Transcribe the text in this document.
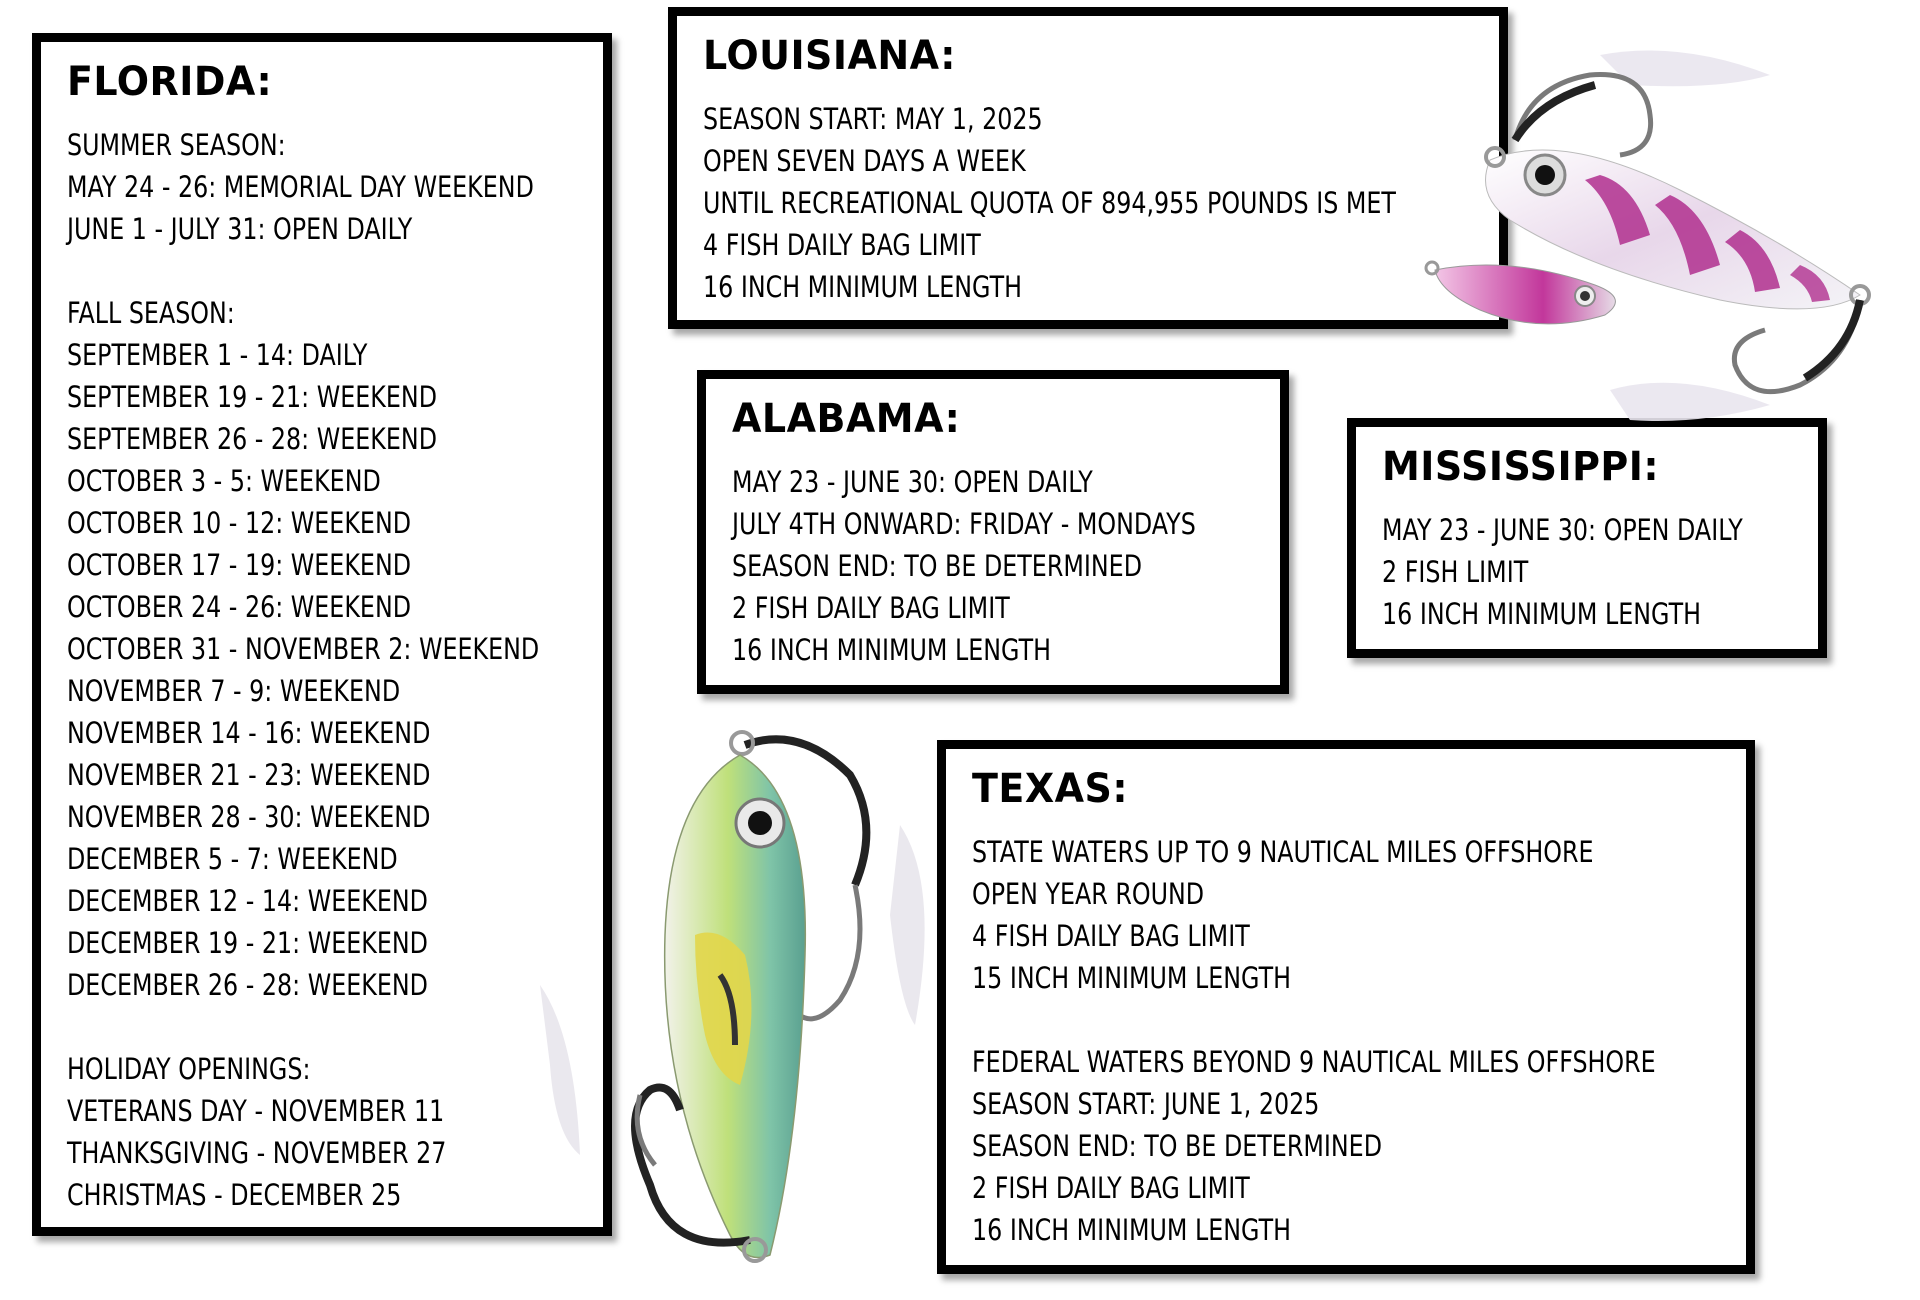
FLORIDA:
SUMMER SEASON:
MAY 24 - 26: MEMORIAL DAY WEEKEND
JUNE 1 - JULY 31: OPEN DAILY
FALL SEASON:
SEPTEMBER 1 - 14: DAILY
SEPTEMBER 19 - 21: WEEKEND
SEPTEMBER 26 - 28: WEEKEND
OCTOBER 3 - 5: WEEKEND
OCTOBER 10 - 12: WEEKEND
OCTOBER 17 - 19: WEEKEND
OCTOBER 24 - 26: WEEKEND
OCTOBER 31 - NOVEMBER 2: WEEKEND
NOVEMBER 7 - 9: WEEKEND
NOVEMBER 14 - 16: WEEKEND
NOVEMBER 21 - 23: WEEKEND
NOVEMBER 28 - 30: WEEKEND
DECEMBER 5 - 7: WEEKEND
DECEMBER 12 - 14: WEEKEND
DECEMBER 19 - 21: WEEKEND
DECEMBER 26 - 28: WEEKEND
HOLIDAY OPENINGS:
VETERANS DAY - NOVEMBER 11
THANKSGIVING - NOVEMBER 27
CHRISTMAS - DECEMBER 25
LOUISIANA:
SEASON START: MAY 1, 2025
OPEN SEVEN DAYS A WEEK
UNTIL RECREATIONAL QUOTA OF 894,955 POUNDS IS MET
4 FISH DAILY BAG LIMIT
16 INCH MINIMUM LENGTH
ALABAMA:
MAY 23 - JUNE 30: OPEN DAILY
JULY 4TH ONWARD: FRIDAY - MONDAYS
SEASON END: TO BE DETERMINED
2 FISH DAILY BAG LIMIT
16 INCH MINIMUM LENGTH
MISSISSIPPI:
MAY 23 - JUNE 30: OPEN DAILY
2 FISH LIMIT
16 INCH MINIMUM LENGTH
TEXAS:
STATE WATERS UP TO 9 NAUTICAL MILES OFFSHORE
OPEN YEAR ROUND
4 FISH DAILY BAG LIMIT
15 INCH MINIMUM LENGTH
FEDERAL WATERS BEYOND 9 NAUTICAL MILES OFFSHORE
SEASON START: JUNE 1, 2025
SEASON END: TO BE DETERMINED
2 FISH DAILY BAG LIMIT
16 INCH MINIMUM LENGTH
